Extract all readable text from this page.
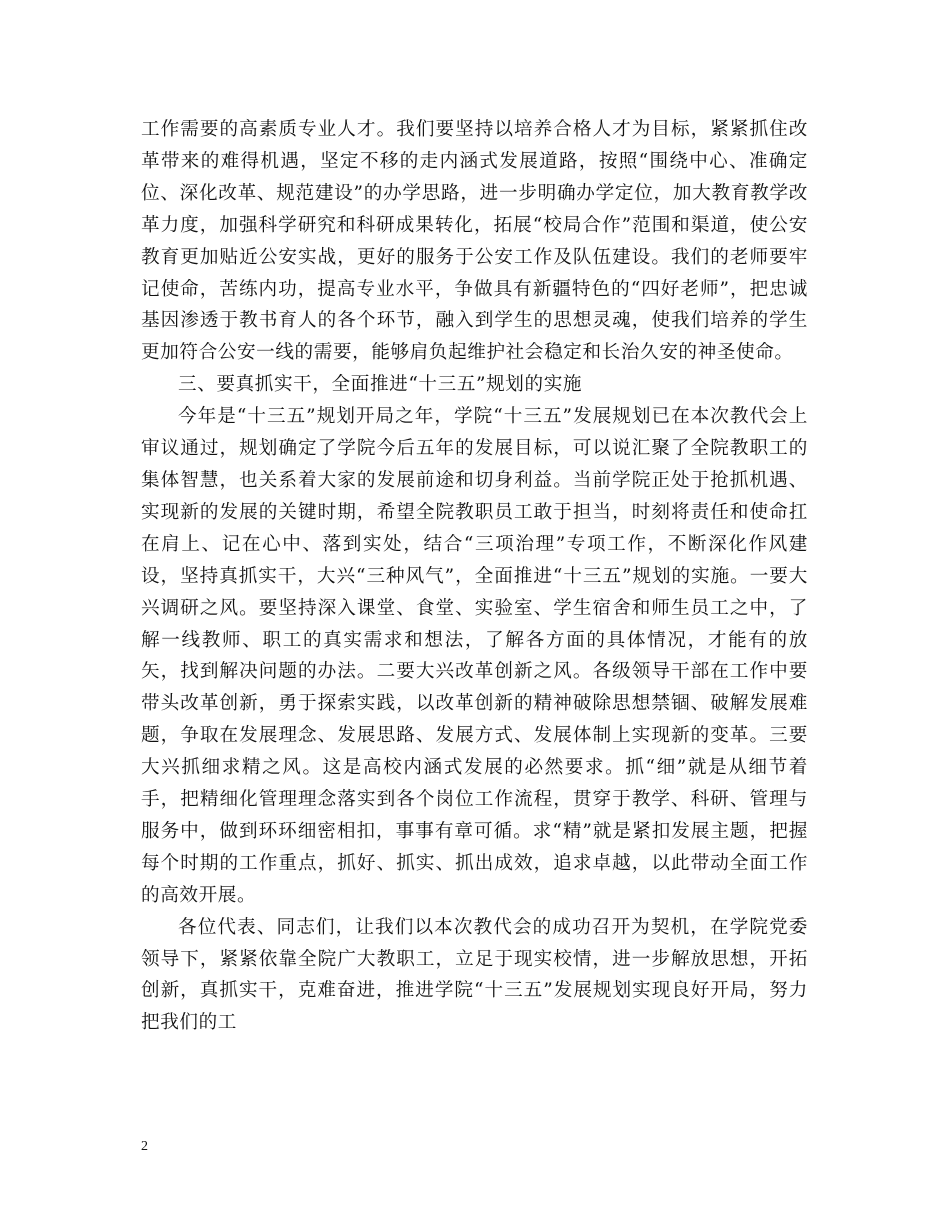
工作需要的高素质专业人才。我们要坚持以培养合格人才为目标，紧紧抓住改革带来的难得机遇，坚定不移的走内涵式发展道路，按照“围绕中心、准确定位、深化改革、规范建设”的办学思路，进一步明确办学定位，加大教育教学改革力度，加强科学研究和科研成果转化，拓展“校局合作”范围和渠道，使公安教育更加贴近公安实战，更好的服务于公安工作及队伍建设。我们的老师要牢记使命，苦练内功，提高专业水平，争做具有新疆特色的“四好老师”，把忠诚基因渗透于教书育人的各个环节，融入到学生的思想灵魂，使我们培养的学生更加符合公安一线的需要，能够肩负起维护社会稳定和长治久安的神圣使命。

三、要真抓实干，全面推进“十三五”规划的实施

今年是“十三五”规划开局之年，学院“十三五”发展规划已在本次教代会上审议通过，规划确定了学院今后五年的发展目标，可以说汇聚了全院教职工的集体智慧，也关系着大家的发展前途和切身利益。当前学院正处于抢抓机遇、实现新的发展的关键时期，希望全院教职员工敢于担当，时刻将责任和使命扛在肩上、记在心中、落到实处，结合“三项治理”专项工作，不断深化作风建设，坚持真抓实干，大兴“三种风气”，全面推进“十三五”规划的实施。一要大兴调研之风。要坚持深入课堂、食堂、实验室、学生宿舍和师生员工之中，了解一线教师、职工的真实需求和想法，了解各方面的具体情况，才能有的放矢，找到解决问题的办法。二要大兴改革创新之风。各级领导干部在工作中要带头改革创新，勇于探索实践，以改革创新的精神破除思想禁锢、破解发展难题，争取在发展理念、发展思路、发展方式、发展体制上实现新的变革。三要大兴抓细求精之风。这是高校内涵式发展的必然要求。抓“细”就是从细节着手，把精细化管理理念落实到各个岗位工作流程，贯穿于教学、科研、管理与服务中，做到环环细密相扣，事事有章可循。求“精”就是紧扣发展主题，把握每个时期的工作重点，抓好、抓实、抓出成效，追求卓越，以此带动全面工作的高效开展。

各位代表、同志们，让我们以本次教代会的成功召开为契机，在学院党委领导下，紧紧依靠全院广大教职工，立足于现实校情，进一步解放思想，开拓创新，真抓实干，克难奋进，推进学院“十三五”发展规划实现良好开局，努力把我们的工

2
